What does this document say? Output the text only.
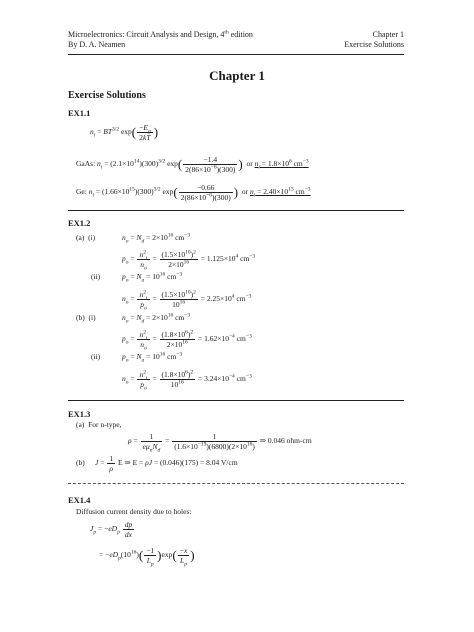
Microelectronics: Circuit Analysis and Design, 4th edition
By D. A. Neamen
Chapter 1
Exercise Solutions
Chapter 1
Exercise Solutions
EX1.1
$n_i = BT^{3/2}$ $\exp( \frac{-E_g}{2kT}$ )
GaAs: $n_i = (2.1\times 10^{14})(300)^{3/2}$ $\exp( \frac{-1.4}{2(86\times 10^{-6})(300)}$ ) or $n_i = 1.8\times 10^6$ $cm^{-3}$
Ge: $n_i = (1.66\times 10^{15})(300)^{3/2}$ $\exp( \frac{-0.66}{2(86\times 10^{-6})(300)}$ ) or $n_i = 2.40\times 10^{13}$ $cm^{-3}$
EX1.2
(a) (i)	$n_o = N_d = 2\times 10^{16}$ $cm^{-3}$
$p_o = \frac{n^2_i}{n_o} = \frac{(1.5\times 10^{10})^2}{2\times 10^{16}} = 1.125\times 10^4$ $cm^{-3}$
(ii)	$p_o = N_a = 10^{16}$ $cm^{-3}$
$n_o = \frac{n^2_i}{p_o} = \frac{(1.5\times 10^{10})^2}{10^{16}} = 2.25\times 10^4$ $cm^{-3}$
(b) (i)	$n_o = N_d = 2\times 10^{16}$ $cm^{-3}$
$p_o = \frac{n^2_i}{n_o} = \frac{(1.8\times 10^6)^2}{2\times 10^{16}} = 1.62\times 10^{-4}$ $cm^{-3}$
(ii)	$p_o = N_a = 10^{16}$ $cm^{-3}$
$n_o = \frac{n^2_i}{p_o} = \frac{(1.8\times 10^6)^2}{10^{16}} = 3.24\times 10^{-4}$ $cm^{-3}$
EX1.3
(a) For n-type,
$\rho = \frac{1}{e\mu_nN_d} = \frac{1}{(1.6\times 10^{-19})(6800)(2\times 10^{16})}$ ⇒ 0.046 ohm-cm
(b) $J = \frac{1}{\rho}$ E ⇒ E = ρJ = (0.046)(175) = 8.04 V/cm
EX1.4
Diffusion current density due to holes:
$J_p = -eD_p \frac{dp}{dx}$
= $-eD_p(10^{16})( \frac{-1}{L_p} )\exp( \frac{-x}{L_p}$ )
